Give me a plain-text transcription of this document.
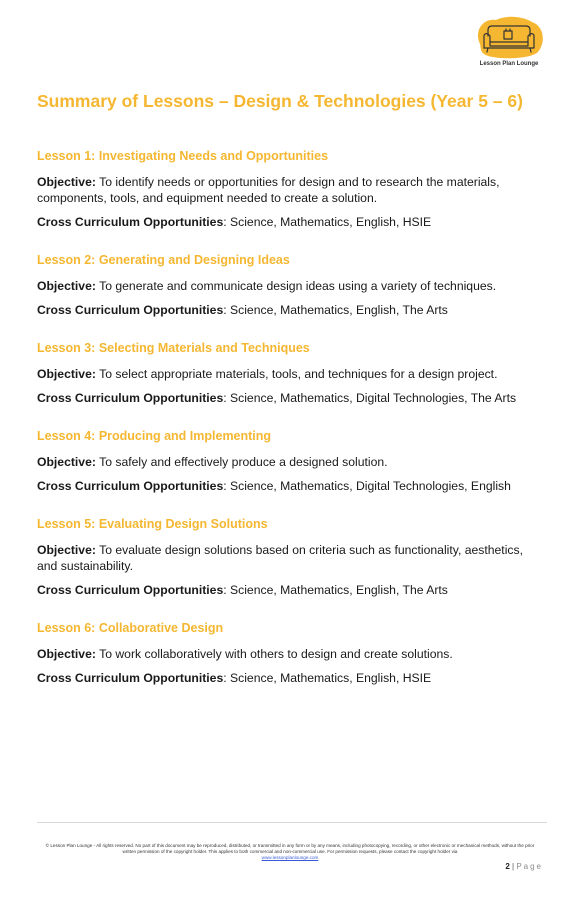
Lesson Plan Lounge
Summary of Lessons – Design & Technologies (Year 5 – 6)
Lesson 1: Investigating Needs and Opportunities

Objective: To identify needs or opportunities for design and to research the materials, components, tools, and equipment needed to create a solution.

Cross Curriculum Opportunities: Science, Mathematics, English, HSIE

Lesson 2: Generating and Designing Ideas

Objective: To generate and communicate design ideas using a variety of techniques.

Cross Curriculum Opportunities: Science, Mathematics, English, The Arts

Lesson 3: Selecting Materials and Techniques

Objective: To select appropriate materials, tools, and techniques for a design project.

Cross Curriculum Opportunities: Science, Mathematics, Digital Technologies, The Arts

Lesson 4: Producing and Implementing

Objective: To safely and effectively produce a designed solution.

Cross Curriculum Opportunities: Science, Mathematics, Digital Technologies, English

Lesson 5: Evaluating Design Solutions

Objective: To evaluate design solutions based on criteria such as functionality, aesthetics, and sustainability.

Cross Curriculum Opportunities: Science, Mathematics, English, The Arts

Lesson 6: Collaborative Design

Objective: To work collaboratively with others to design and create solutions.

Cross Curriculum Opportunities: Science, Mathematics, English, HSIE

© Lesson Plan Lounge - All rights reserved. No part of this document may be reproduced, distributed, or transmitted in any form or by any means, including photocopying, recording, or other electronic or mechanical methods, without the prior written permission of the copyright holder. This applies to both commercial and non-commercial use. For permission requests, please contact the copyright holder via
www.lessonplanlounge.com
2 | Page
